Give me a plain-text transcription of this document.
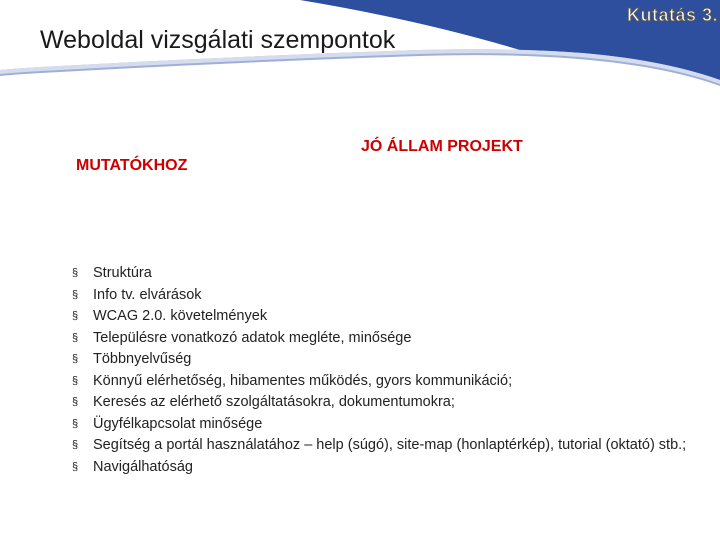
Weboldal vizsgálati szempontok
Kutatás 3.
MUTATÓKHOZ
JÓ ÁLLAM PROJEKT
§ Struktúra
§ Info tv. elvárások
§ WCAG 2.0. követelmények
§ Településre vonatkozó adatok megléte, minősége
§ Többnyelvűség
§ Könnyű elérhetőség, hibamentes működés, gyors kommunikáció;
§ Keresés az elérhető szolgáltatásokra, dokumentumokra;
§ Ügyfélkapcsolat minősége
§ Segítség a portál használatához – help (súgó), site-map (honlaptérkép), tutorial (oktató) stb.;
§ Navigálhatóság
